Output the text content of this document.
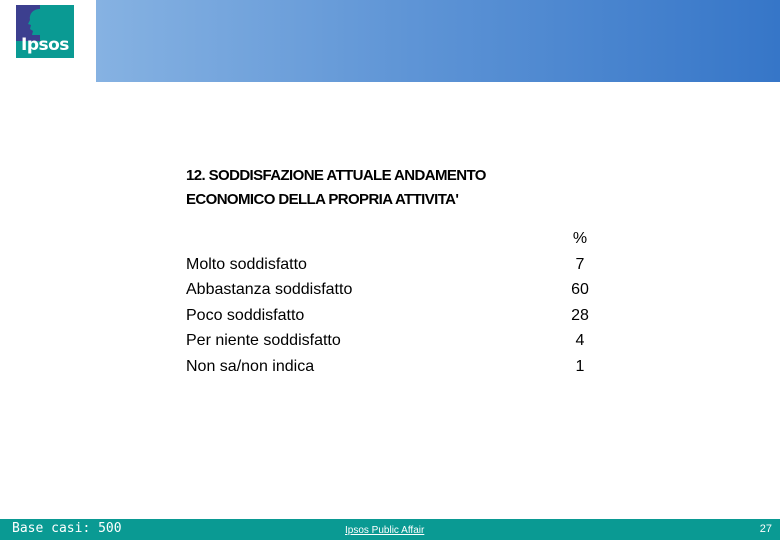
Ipsos
12. SODDISFAZIONE ATTUALE ANDAMENTO
ECONOMICO DELLA PROPRIA ATTIVITA'
	%
Molto soddisfatto	7
Abbastanza soddisfatto	60
Poco soddisfatto	28
Per niente soddisfatto	4
Non sa/non indica	1
Base casi: 500	Ipsos Public Affair	27
